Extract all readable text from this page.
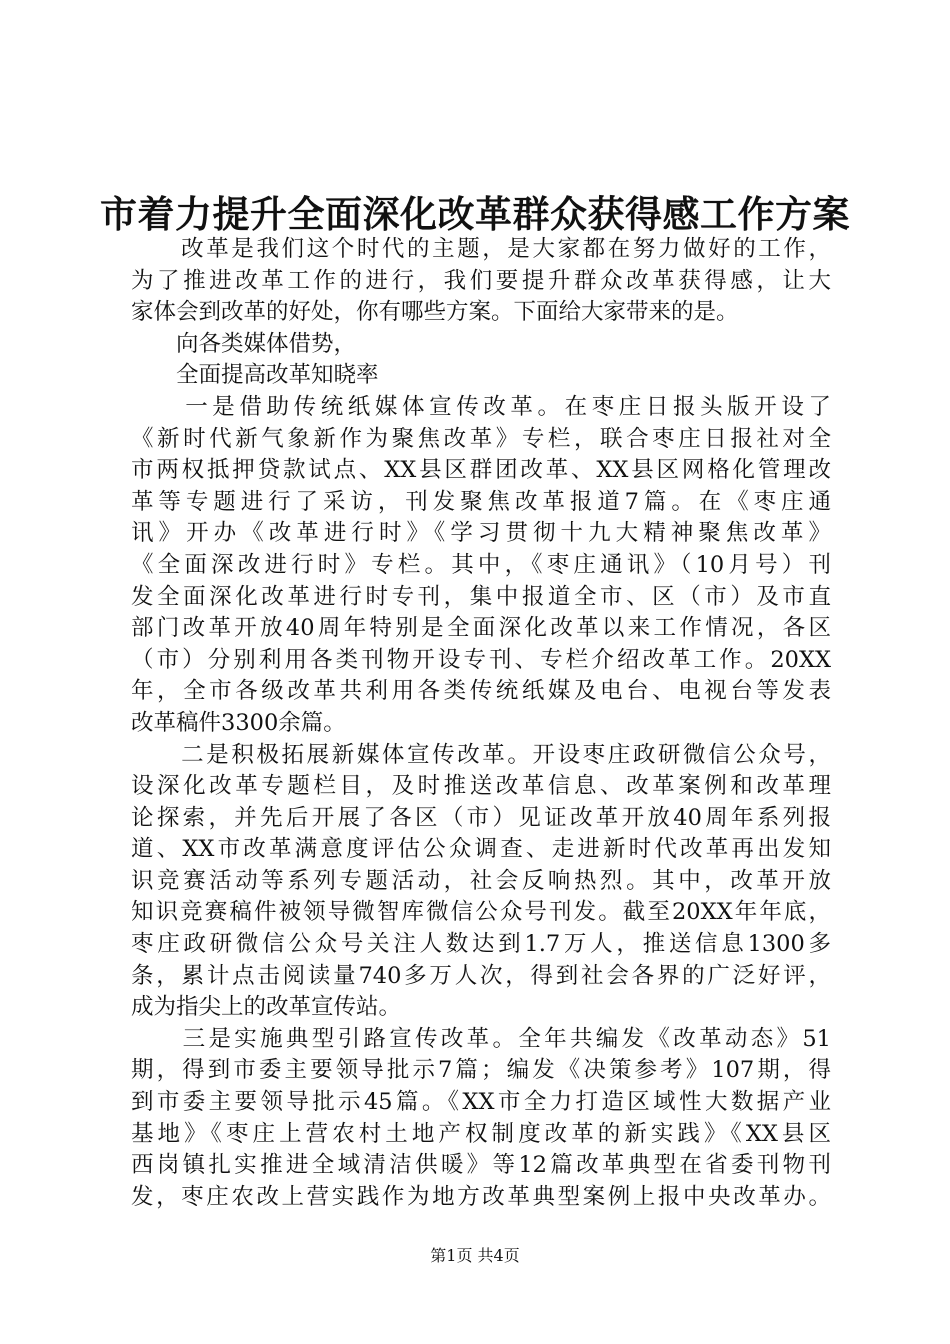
市着力提升全面深化改革群众获得感工作方案
　　改革是我们这个时代的主题，是大家都在努力做好的工作，
为了推进改革工作的进行，我们要提升群众改革获得感，让大
家体会到改革的好处，你有哪些方案。下面给大家带来的是。
　　向各类媒体借势，
　　全面提高改革知晓率
　　一是借助传统纸媒体宣传改革。在枣庄日报头版开设了
《新时代新气象新作为聚焦改革》专栏，联合枣庄日报社对全
市两权抵押贷款试点、XX县区群团改革、XX县区网格化管理改
革等专题进行了采访，刊发聚焦改革报道7篇。在《枣庄通
讯》开办《改革进行时》《学习贯彻十九大精神聚焦改革》
《全面深改进行时》专栏。其中，《枣庄通讯》（10月号）刊
发全面深化改革进行时专刊，集中报道全市、区（市）及市直
部门改革开放40周年特别是全面深化改革以来工作情况，各区
（市）分别利用各类刊物开设专刊、专栏介绍改革工作。20XX
年，全市各级改革共利用各类传统纸媒及电台、电视台等发表
改革稿件3300余篇。
　　二是积极拓展新媒体宣传改革。开设枣庄政研微信公众号，
设深化改革专题栏目，及时推送改革信息、改革案例和改革理
论探索，并先后开展了各区（市）见证改革开放40周年系列报
道、XX市改革满意度评估公众调查、走进新时代改革再出发知
识竞赛活动等系列专题活动，社会反响热烈。其中，改革开放
知识竞赛稿件被领导微智库微信公众号刊发。截至20XX年年底，
枣庄政研微信公众号关注人数达到1.7万人，推送信息1300多
条，累计点击阅读量740多万人次，得到社会各界的广泛好评，
成为指尖上的改革宣传站。
　　三是实施典型引路宣传改革。全年共编发《改革动态》51
期，得到市委主要领导批示7篇；编发《决策参考》107期，得
到市委主要领导批示45篇。《XX市全力打造区域性大数据产业
基地》《枣庄上营农村土地产权制度改革的新实践》《XX县区
西岗镇扎实推进全域清洁供暖》等12篇改革典型在省委刊物刊
发，枣庄农改上营实践作为地方改革典型案例上报中央改革办。
第1页 共4页
